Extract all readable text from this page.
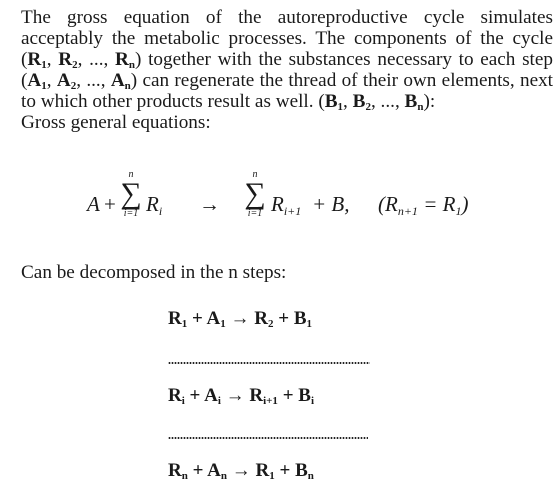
The gross equation of the autoreproductive cycle simulates acceptably the metabolic processes. The components of the cycle ($R_1$, $R_2$, ..., $R_n$) together with the substances necessary to each step ($A_1$, $A_2$, ..., $A_n$) can regenerate the thread of their own elements, next to which other products result as well. ($B_1$, $B_2$, ..., $B_n$):
Gross general equations:
A +
n
∑
i=1 $R_i$ →
n
∑
i=1 $R_{i+1} + B$, $(R_{n+1} = R_1)$
Can be decomposed in the n steps:
$R_1 + A_1 \to R_2 + B_1$
$R_i + A_i \to R_{i+1} + B_i$
$R_n + A_n \to R_1 + B_n$
